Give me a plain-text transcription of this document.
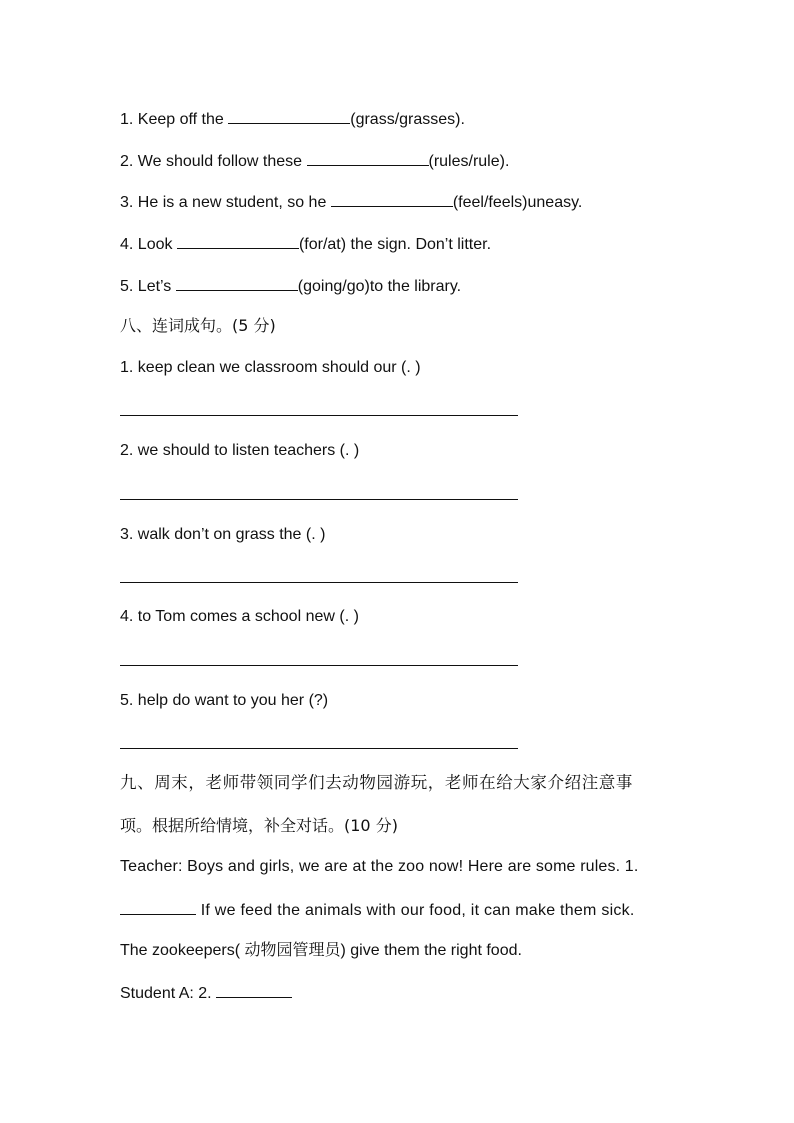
1. Keep off the	(grass/grasses).
2. We should follow these	(rules/rule).
3. He is a new student, so he	(feel/feels)uneasy.
4. Look	(for/at) the sign. Don’t litter.
5. Let’s	(going/go)to the library.
八、连词成句。(5 分)
1. keep clean we classroom should our (. )
2. we should to listen teachers (. )
3. walk don’t on grass the (. )
4. to Tom comes a school new (. )
5. help do want to you her (?)
九、周末，老师带领同学们去动物园游玩，老师在给大家介绍注意事
项。根据所给情境，补全对话。(10 分)
Teacher: Boys and girls, we are at the zoo now! Here are some rules. 1.
If we feed the animals with our food, it can make them sick.
The zookeepers( 动物园管理员) give them the right food.
Student A: 2.
